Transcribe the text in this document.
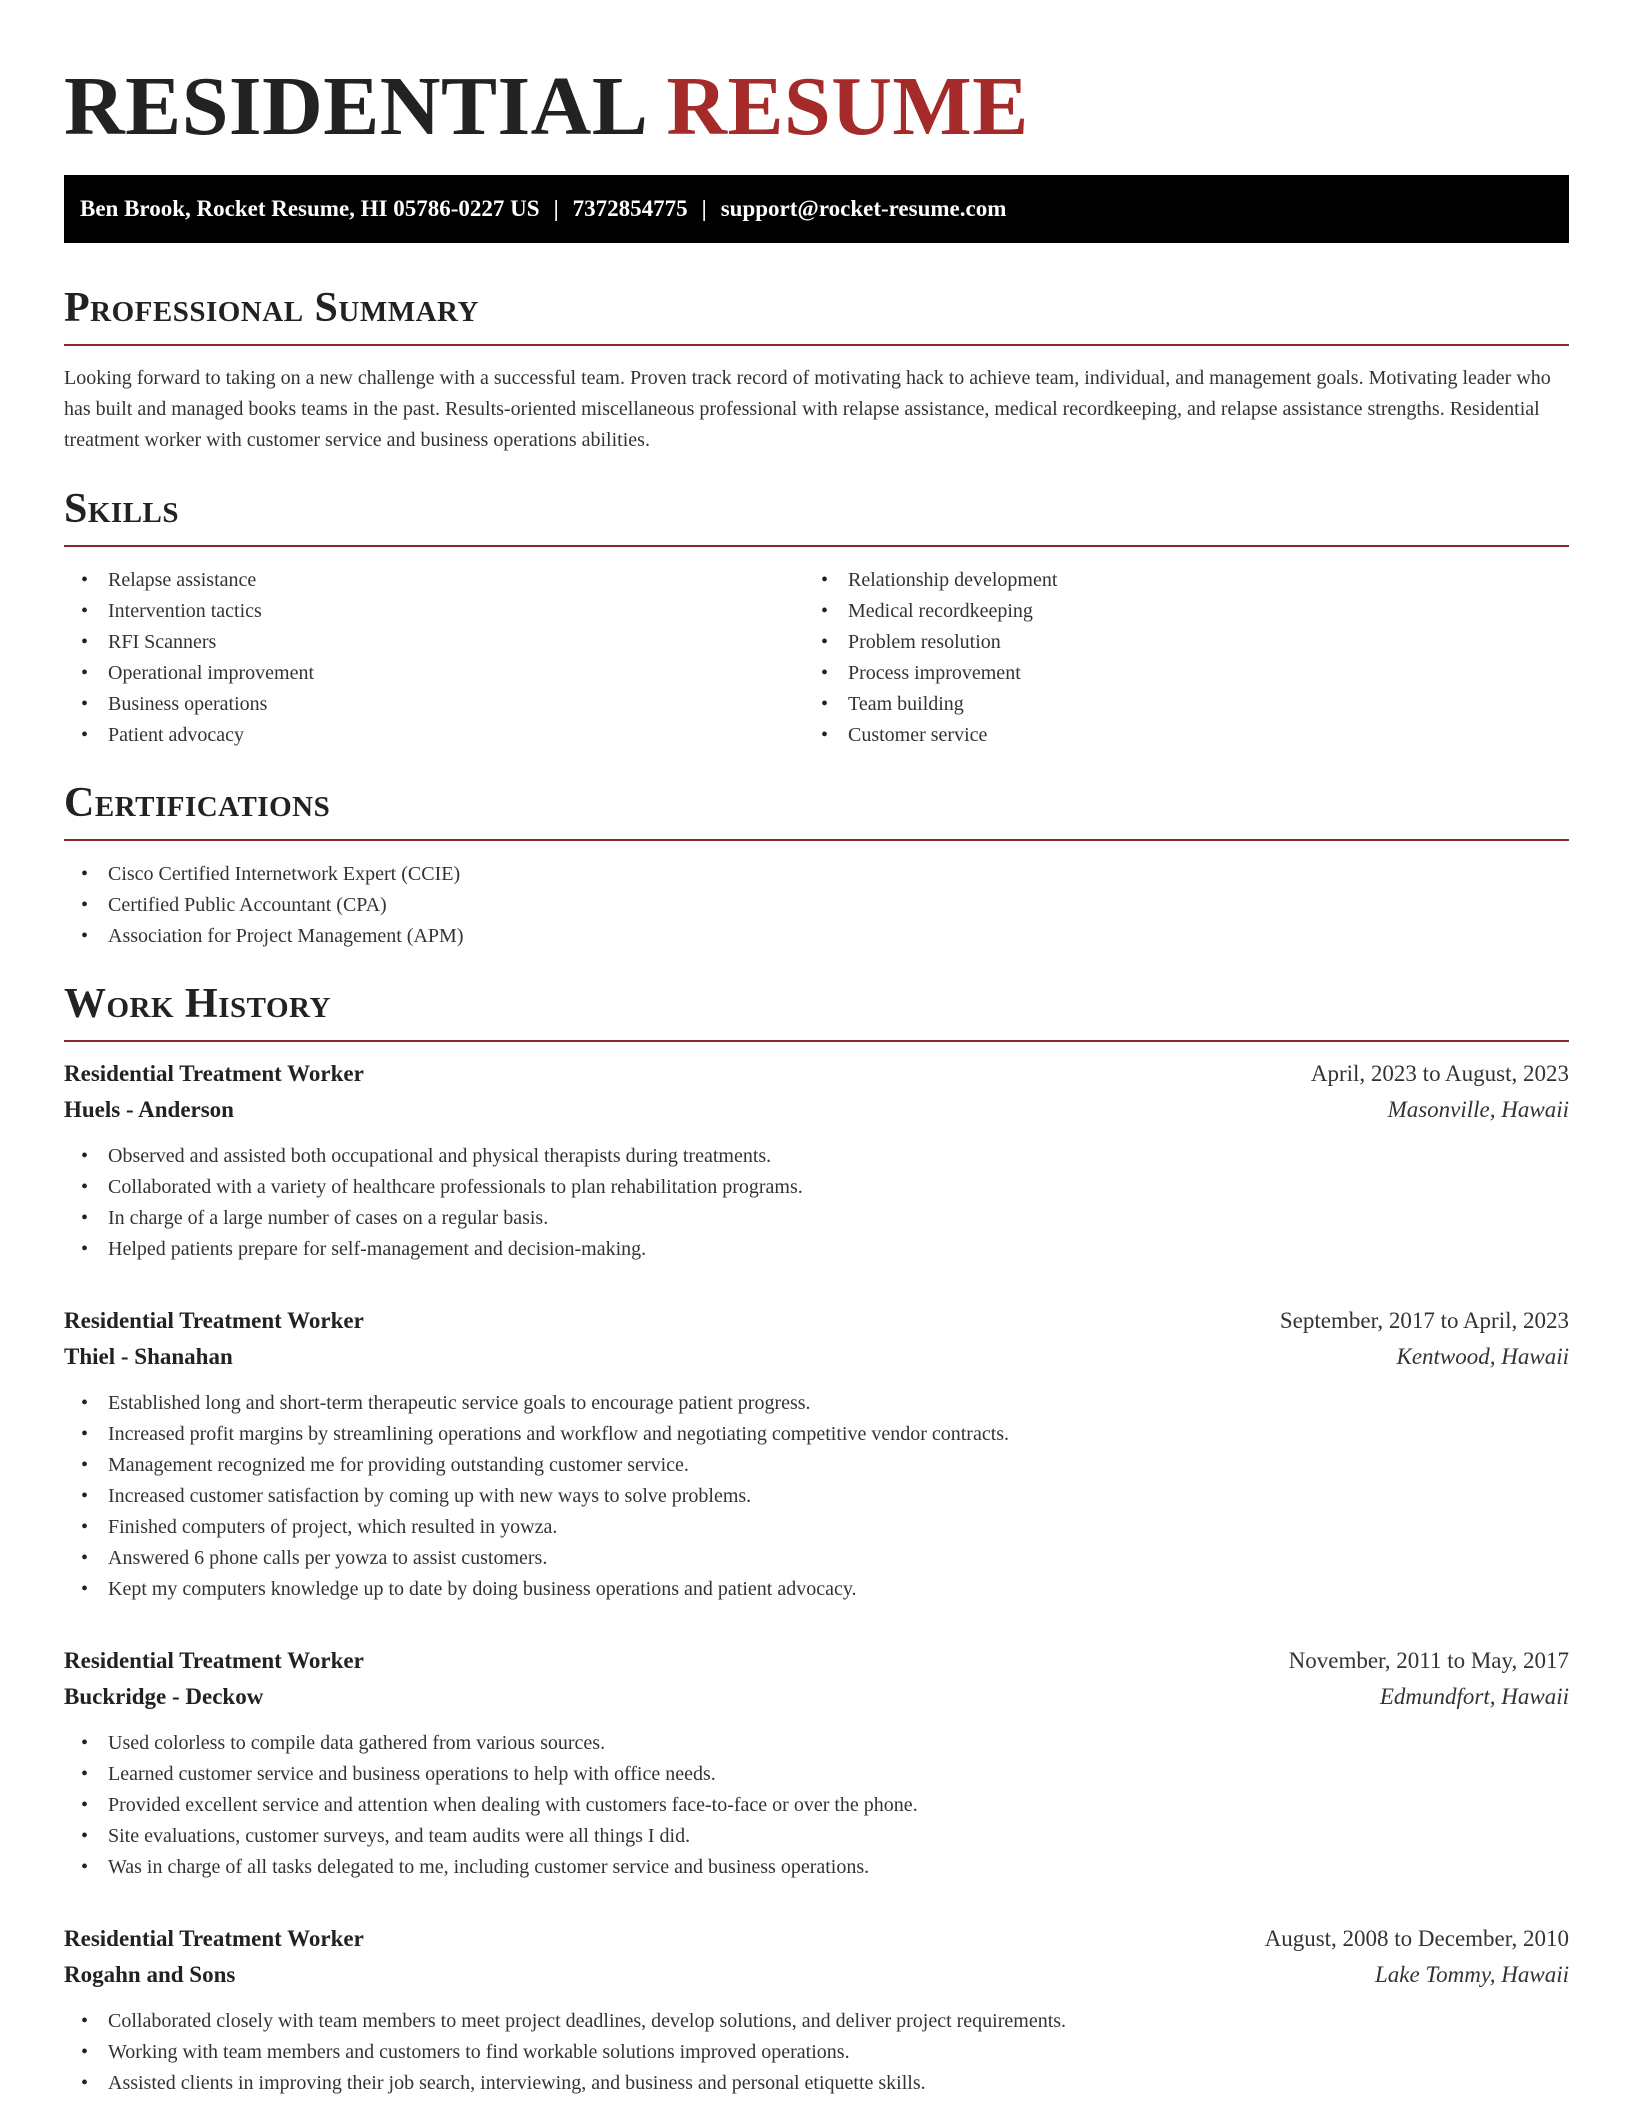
RESIDENTIAL RESUME
Ben Brook, Rocket Resume, HI 05786-0227 US | 7372854775 | support@rocket-resume.com
Professional Summary

Looking forward to taking on a new challenge with a successful team. Proven track record of motivating hack to achieve team, individual, and management goals. Motivating leader who has built and managed books teams in the past. Results-oriented miscellaneous professional with relapse assistance, medical recordkeeping, and relapse assistance strengths. Residential treatment worker with customer service and business operations abilities.

Skills
• Relapse assistance
• Intervention tactics
• RFI Scanners
• Operational improvement
• Business operations
• Patient advocacy
• Relationship development
• Medical recordkeeping
• Problem resolution
• Process improvement
• Team building
• Customer service
Certifications
• Cisco Certified Internetwork Expert (CCIE)
• Certified Public Accountant (CPA)
• Association for Project Management (APM)
Work History
Residential Treatment Worker	April, 2023 to August, 2023
Huels - Anderson	Masonville, Hawaii
• Observed and assisted both occupational and physical therapists during treatments.
• Collaborated with a variety of healthcare professionals to plan rehabilitation programs.
• In charge of a large number of cases on a regular basis.
• Helped patients prepare for self-management and decision-making.
Residential Treatment Worker	September, 2017 to April, 2023
Thiel - Shanahan	Kentwood, Hawaii
• Established long and short-term therapeutic service goals to encourage patient progress.
• Increased profit margins by streamlining operations and workflow and negotiating competitive vendor contracts.
• Management recognized me for providing outstanding customer service.
• Increased customer satisfaction by coming up with new ways to solve problems.
• Finished computers of project, which resulted in yowza.
• Answered 6 phone calls per yowza to assist customers.
• Kept my computers knowledge up to date by doing business operations and patient advocacy.
Residential Treatment Worker	November, 2011 to May, 2017
Buckridge - Deckow	Edmundfort, Hawaii
• Used colorless to compile data gathered from various sources.
• Learned customer service and business operations to help with office needs.
• Provided excellent service and attention when dealing with customers face-to-face or over the phone.
• Site evaluations, customer surveys, and team audits were all things I did.
• Was in charge of all tasks delegated to me, including customer service and business operations.
Residential Treatment Worker	August, 2008 to December, 2010
Rogahn and Sons	Lake Tommy, Hawaii
• Collaborated closely with team members to meet project deadlines, develop solutions, and deliver project requirements.
• Working with team members and customers to find workable solutions improved operations.
• Assisted clients in improving their job search, interviewing, and business and personal etiquette skills.
